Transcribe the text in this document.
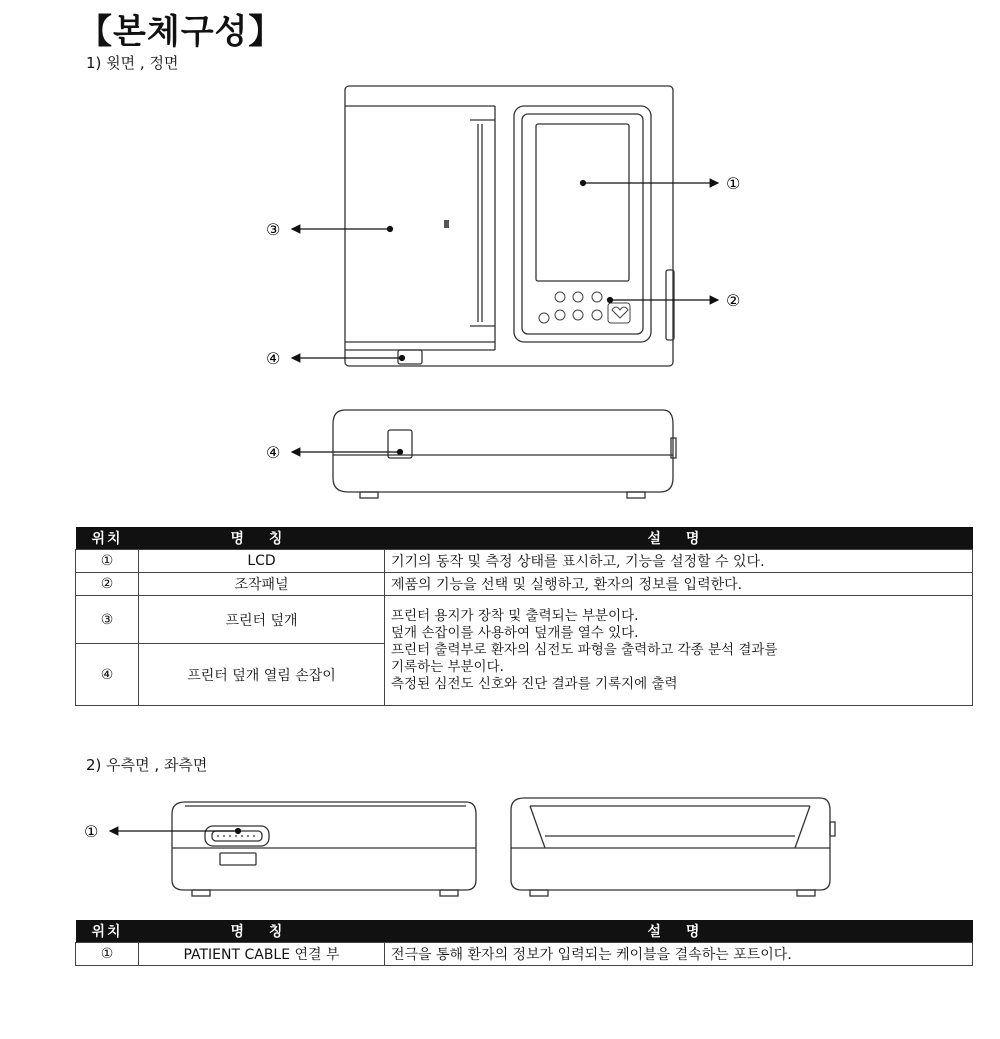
【본체구성】
1) 윗면 , 정면
①
②
③
④
④
①
위치	명 칭	설 명
①	LCD	기기의 동작 및 측정 상태를 표시하고, 기능을 설정할 수 있다.
②	조작패널	제품의 기능을 선택 및 실행하고, 환자의 정보를 입력한다.
③	프린터 덮개	프린터 용지가 장착 및 출력되는 부분이다.
덮개 손잡이를 사용하여 덮개를 열수 있다.
프린터 출력부로 환자의 심전도 파형을 출력하고 각종 분석 결과를
기록하는 부분이다.
측정된 심전도 신호와 진단 결과를 기록지에 출력

④	프린터 덮개 열림 손잡이	
2) 우측면 , 좌측면
위치	명 칭	설 명
①	PATIENT CABLE 연결 부	전극을 통해 환자의 정보가 입력되는 케이블을 결속하는 포트이다.
